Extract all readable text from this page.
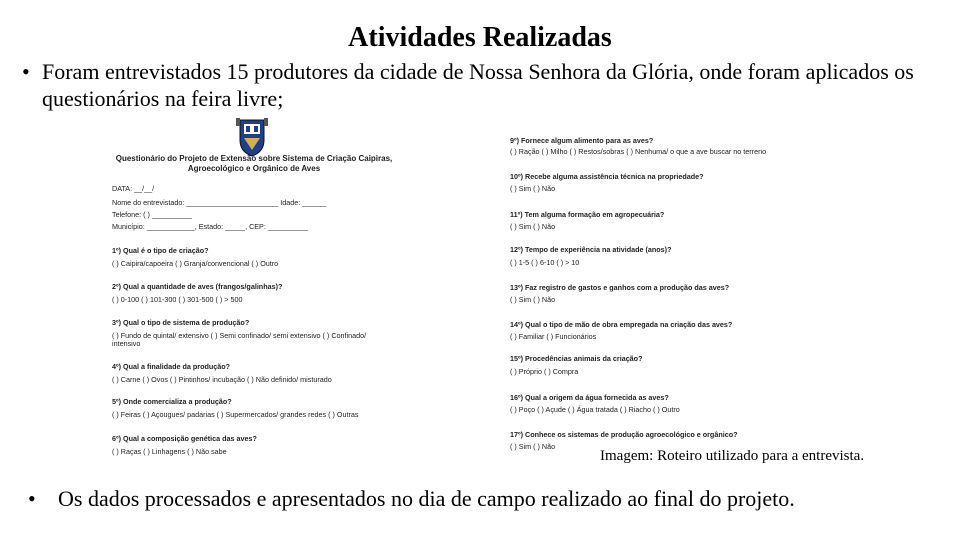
Atividades Realizadas
• Foram entrevistados 15 produtores da cidade de Nossa Senhora da Glória, onde foram aplicados os questionários na feira livre;
Questionário do Projeto de Extensão sobre Sistema de Criação Caipiras, Agroecológico e Orgânico de Aves
DATA: __/__/
Nome do entrevistado: _______________________ Idade: ______
Telefone: ( ) __________
Município: ____________, Estado: _____, CEP: __________
1º) Qual é o tipo de criação?
( ) Caipira/capoeira ( ) Granja/convencional ( ) Outro
2º) Qual a quantidade de aves (frangos/galinhas)?
( ) 0-100 ( ) 101-300 ( ) 301-500 ( ) > 500
3º) Qual o tipo de sistema de produção?
( ) Fundo de quintal/ extensivo ( ) Semi confinado/ semi extensivo ( ) Confinado/
intensivo
4º) Qual a finalidade da produção?
( ) Carne ( ) Ovos ( ) Pintinhos/ incubação ( ) Não definido/ misturado
5º) Onde comercializa a produção?
( ) Feiras ( ) Açougues/ padarias ( ) Supermercados/ grandes redes ( ) Outras
6º) Qual a composição genética das aves?
( ) Raças ( ) Linhagens ( ) Não sabe
9º) Fornece algum alimento para as aves?
( ) Ração ( ) Milho ( ) Restos/sobras ( ) Nenhuma/ o que a ave buscar no terreno
10º) Recebe alguma assistência técnica na propriedade?
( ) Sim ( ) Não
11º) Tem alguma formação em agropecuária?
( ) Sim ( ) Não
12º) Tempo de experiência na atividade (anos)?
( ) 1-5 ( ) 6-10 ( ) > 10
13º) Faz registro de gastos e ganhos com a produção das aves?
( ) Sim ( ) Não
14º) Qual o tipo de mão de obra empregada na criação das aves?
( ) Familiar ( ) Funcionários
15º) Procedências animais da criação?
( ) Próprio ( ) Compra
16º) Qual a origem da água fornecida as aves?
( ) Poço ( ) Açude ( ) Água tratada ( ) Riacho ( ) Outro
17º) Conhece os sistemas de produção agroecológico e orgânico?
( ) Sim ( ) Não
Imagem: Roteiro utilizado para a entrevista.
• Os dados processados e apresentados no dia de campo realizado ao final do projeto.
